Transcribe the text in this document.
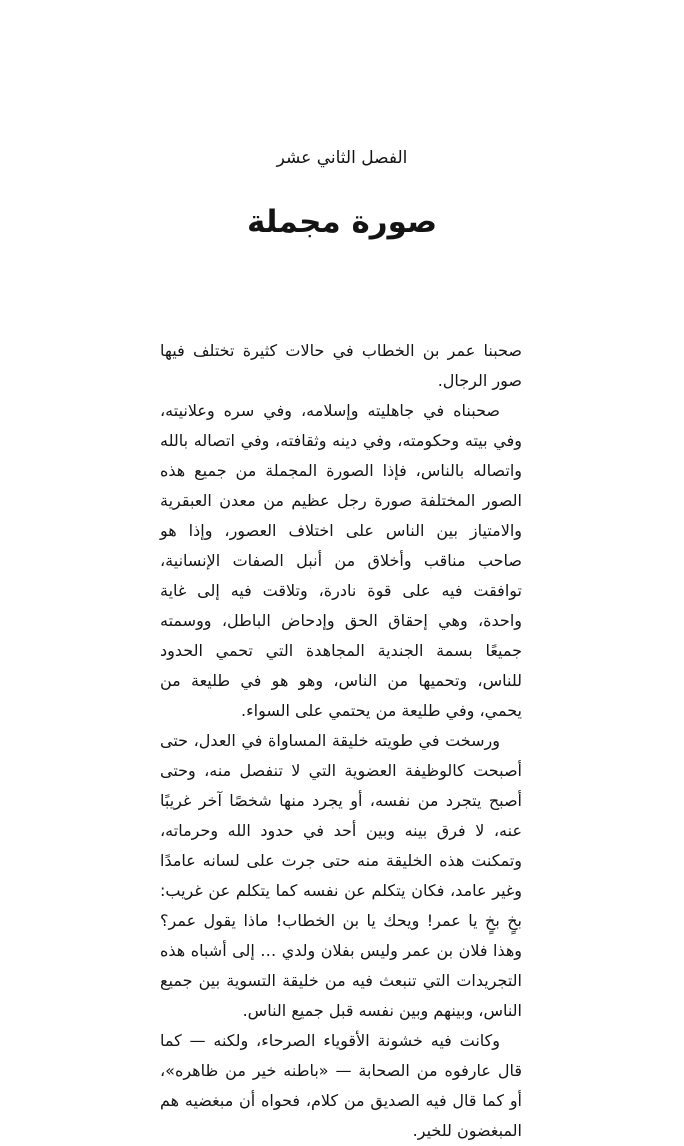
الفصل الثاني عشر
صورة مجملة

صحبنا عمر بن الخطاب في حالات كثيرة تختلف فيها صور الرجال.

صحبناه في جاهليته وإسلامه، وفي سره وعلانيته، وفي بيته وحكومته، وفي دينه وثقافته، وفي اتصاله بالله واتصاله بالناس، فإذا الصورة المجملة من جميع هذه الصور المختلفة صورة رجل عظيم من معدن العبقرية والامتياز بين الناس على اختلاف العصور، وإذا هو صاحب مناقب وأخلاق من أنبل الصفات الإنسانية، توافقت فيه على قوة نادرة، وتلاقت فيه إلى غاية واحدة، وهي إحقاق الحق وإدحاض الباطل، ووسمته جميعًا بسمة الجندية المجاهدة التي تحمي الحدود للناس، وتحميها من الناس، وهو هو في طليعة من يحمي، وفي طليعة من يحتمي على السواء.

ورسخت في طويته خليقة المساواة في العدل، حتى أصبحت كالوظيفة العضوية التي لا تنفصل منه، وحتى أصبح يتجرد من نفسه، أو يجرد منها شخصًا آخر غريبًا عنه، لا فرق بينه وبين أحد في حدود الله وحرماته، وتمكنت هذه الخليقة منه حتى جرت على لسانه عامدًا وغير عامد، فكان يتكلم عن نفسه كما يتكلم عن غريب: بخٍ بخٍ يا عمر! ويحك يا بن الخطاب! ماذا يقول عمر؟ وهذا فلان بن عمر وليس بفلان ولدي … إلى أشباه هذه التجريدات التي تنبعث فيه من خليقة التسوية بين جميع الناس، وبينهم وبين نفسه قبل جميع الناس.

وكانت فيه خشونة الأقوياء الصرحاء، ولكنه — كما قال عارفوه من الصحابة — «باطنه خير من ظاهره»، أو كما قال فيه الصديق من كلام، فحواه أن مبغضيه هم المبغضون للخير.
